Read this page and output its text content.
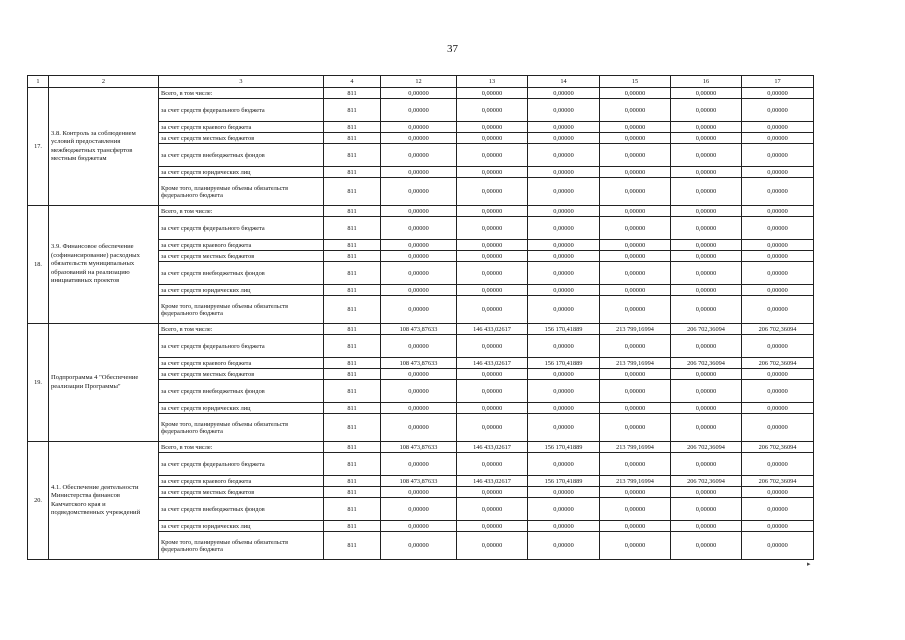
37
1	2	3	4	12	13	14	15	16	17
17.	3.8. Контроль за соблюдением условий предоставления межбюджетных трансфертов местным бюджетам	Всего, в том числе:	811	0,00000	0,00000	0,00000	0,00000	0,00000	0,00000
		за счет средств федерального бюджета	811	0,00000	0,00000	0,00000	0,00000	0,00000	0,00000
		за счет средств краевого бюджета	811	0,00000	0,00000	0,00000	0,00000	0,00000	0,00000
		за счет средств местных бюджетов	811	0,00000	0,00000	0,00000	0,00000	0,00000	0,00000
		за счет средств внебюджетных фондов	811	0,00000	0,00000	0,00000	0,00000	0,00000	0,00000
		за счет средств юридических лиц	811	0,00000	0,00000	0,00000	0,00000	0,00000	0,00000
		Кроме того, планируемые объемы обязательств федерального бюджета	811	0,00000	0,00000	0,00000	0,00000	0,00000	0,00000
18.	3.9. Финансовое обеспечение (софинансирование) расходных обязательств муниципальных образований на реализацию инициативных проектов	Всего, в том числе:	811	0,00000	0,00000	0,00000	0,00000	0,00000	0,00000
		за счет средств федерального бюджета	811	0,00000	0,00000	0,00000	0,00000	0,00000	0,00000
		за счет средств краевого бюджета	811	0,00000	0,00000	0,00000	0,00000	0,00000	0,00000
		за счет средств местных бюджетов	811	0,00000	0,00000	0,00000	0,00000	0,00000	0,00000
		за счет средств внебюджетных фондов	811	0,00000	0,00000	0,00000	0,00000	0,00000	0,00000
		за счет средств юридических лиц	811	0,00000	0,00000	0,00000	0,00000	0,00000	0,00000
		Кроме того, планируемые объемы обязательств федерального бюджета	811	0,00000	0,00000	0,00000	0,00000	0,00000	0,00000
19.	Подпрограмма 4 "Обеспечение реализации Программы"	Всего, в том числе:	811	108 473,87633	146 433,02617	156 170,41889	213 799,16994	206 702,36094	206 702,36094
		за счет средств федерального бюджета	811	0,00000	0,00000	0,00000	0,00000	0,00000	0,00000
		за счет средств краевого бюджета	811	108 473,87633	146 433,02617	156 170,41889	213 799,16994	206 702,36094	206 702,36094
		за счет средств местных бюджетов	811	0,00000	0,00000	0,00000	0,00000	0,00000	0,00000
		за счет средств внебюджетных фондов	811	0,00000	0,00000	0,00000	0,00000	0,00000	0,00000
		за счет средств юридических лиц	811	0,00000	0,00000	0,00000	0,00000	0,00000	0,00000
		Кроме того, планируемые объемы обязательств федерального бюджета	811	0,00000	0,00000	0,00000	0,00000	0,00000	0,00000
20.	4.1. Обеспечение деятельности Министерства финансов Камчатского края и подведомственных учреждений	Всего, в том числе:	811	108 473,87633	146 433,02617	156 170,41889	213 799,16994	206 702,36094	206 702,36094
		за счет средств федерального бюджета	811	0,00000	0,00000	0,00000	0,00000	0,00000	0,00000
		за счет средств краевого бюджета	811	108 473,87633	146 433,02617	156 170,41889	213 799,16994	206 702,36094	206 702,36094
		за счет средств местных бюджетов	811	0,00000	0,00000	0,00000	0,00000	0,00000	0,00000
		за счет средств внебюджетных фондов	811	0,00000	0,00000	0,00000	0,00000	0,00000	0,00000
		за счет средств юридических лиц	811	0,00000	0,00000	0,00000	0,00000	0,00000	0,00000
		Кроме того, планируемые объемы обязательств федерального бюджета	811	0,00000	0,00000	0,00000	0,00000	0,00000	0,00000
▸
